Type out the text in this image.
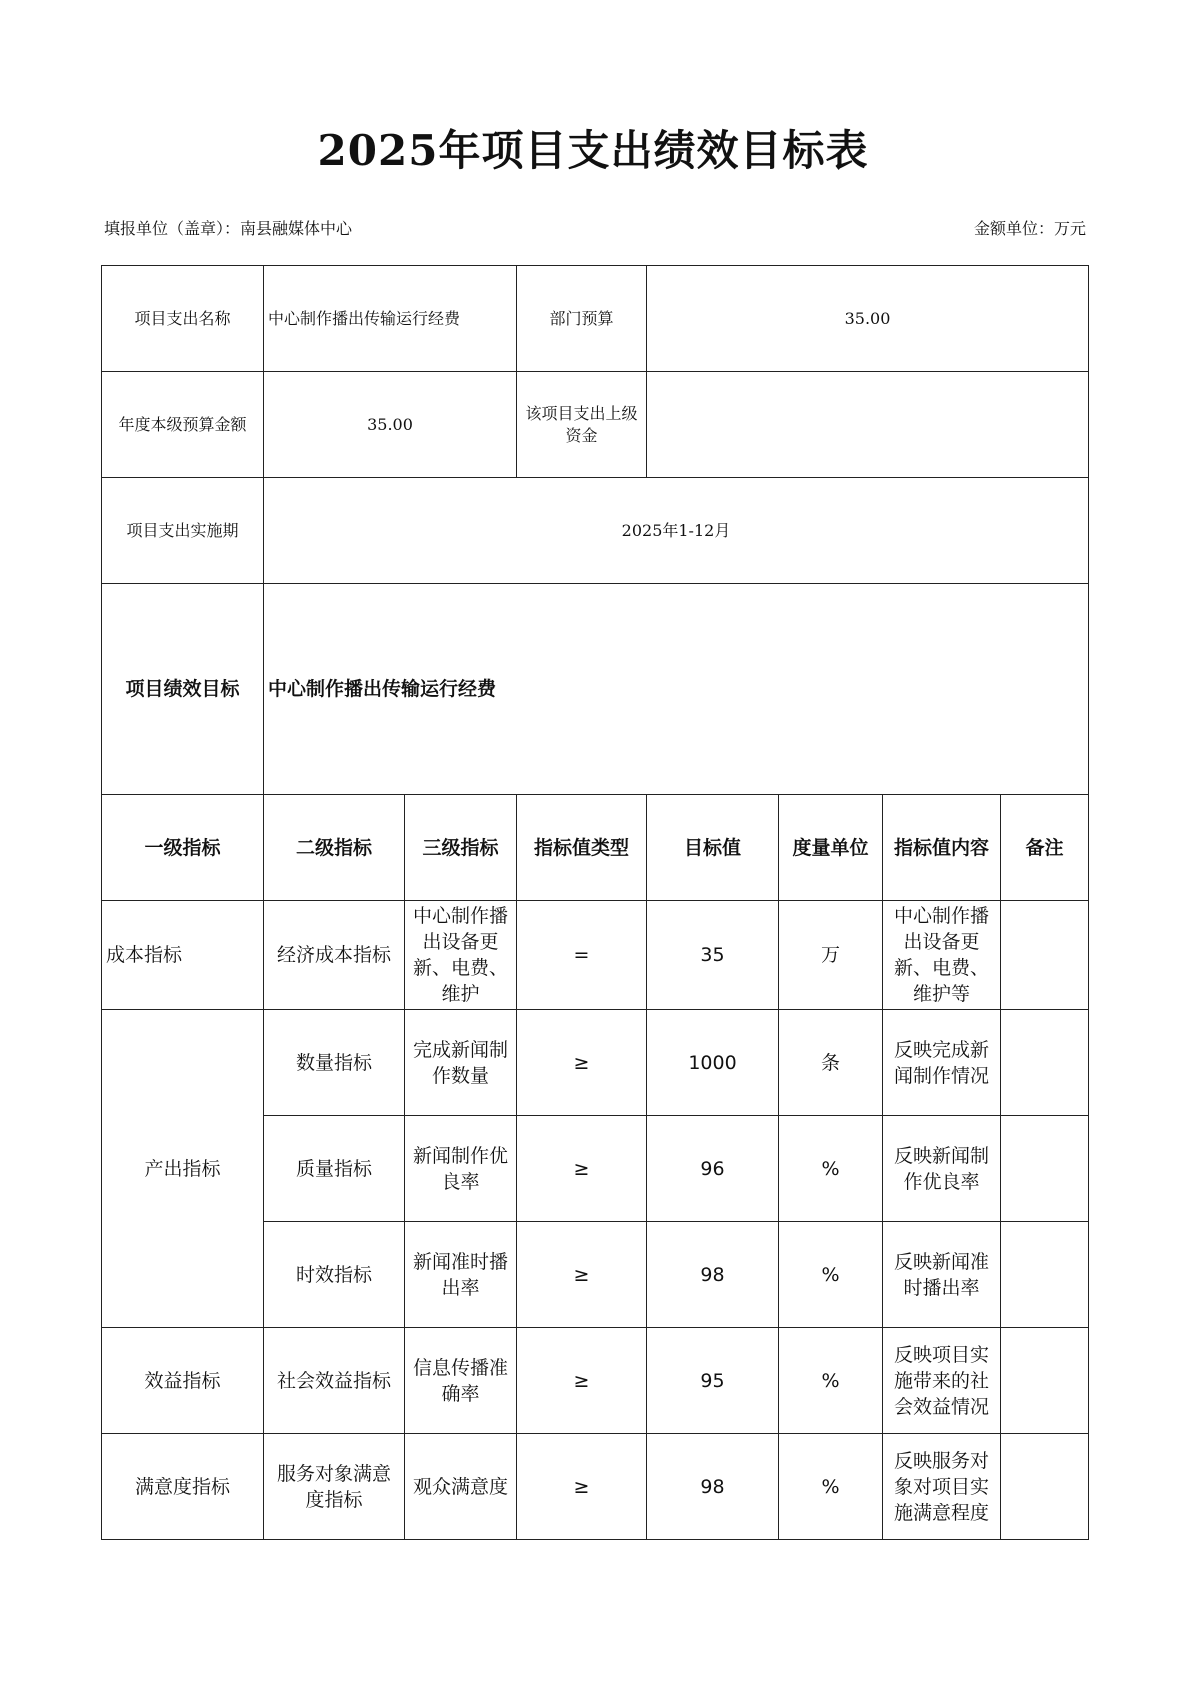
2025年项目支出绩效目标表
填报单位（盖章）：南县融媒体中心	金额单位：万元
项目支出名称	中心制作播出传输运行经费		部门预算	35.00			
年度本级预算金额	35.00		该项目支出上级资金				
项目支出实施期	2025年1-12月						
项目绩效目标	中心制作播出传输运行经费						
一级指标	二级指标	三级指标	指标值类型	目标值	度量单位	指标值内容	备注
成本指标	经济成本指标	中心制作播出设备更新、电费、维护	=	35	万	中心制作播出设备更新、电费、维护等	
产出指标	数量指标	完成新闻制作数量	≥	1000	条	反映完成新闻制作情况	
	质量指标	新闻制作优良率	≥	96	%	反映新闻制作优良率	
	时效指标	新闻准时播出率	≥	98	%	反映新闻准时播出率	
效益指标	社会效益指标	信息传播准确率	≥	95	%	反映项目实施带来的社会效益情况	
满意度指标	服务对象满意度指标	观众满意度	≥	98	%	反映服务对象对项目实施满意程度	
